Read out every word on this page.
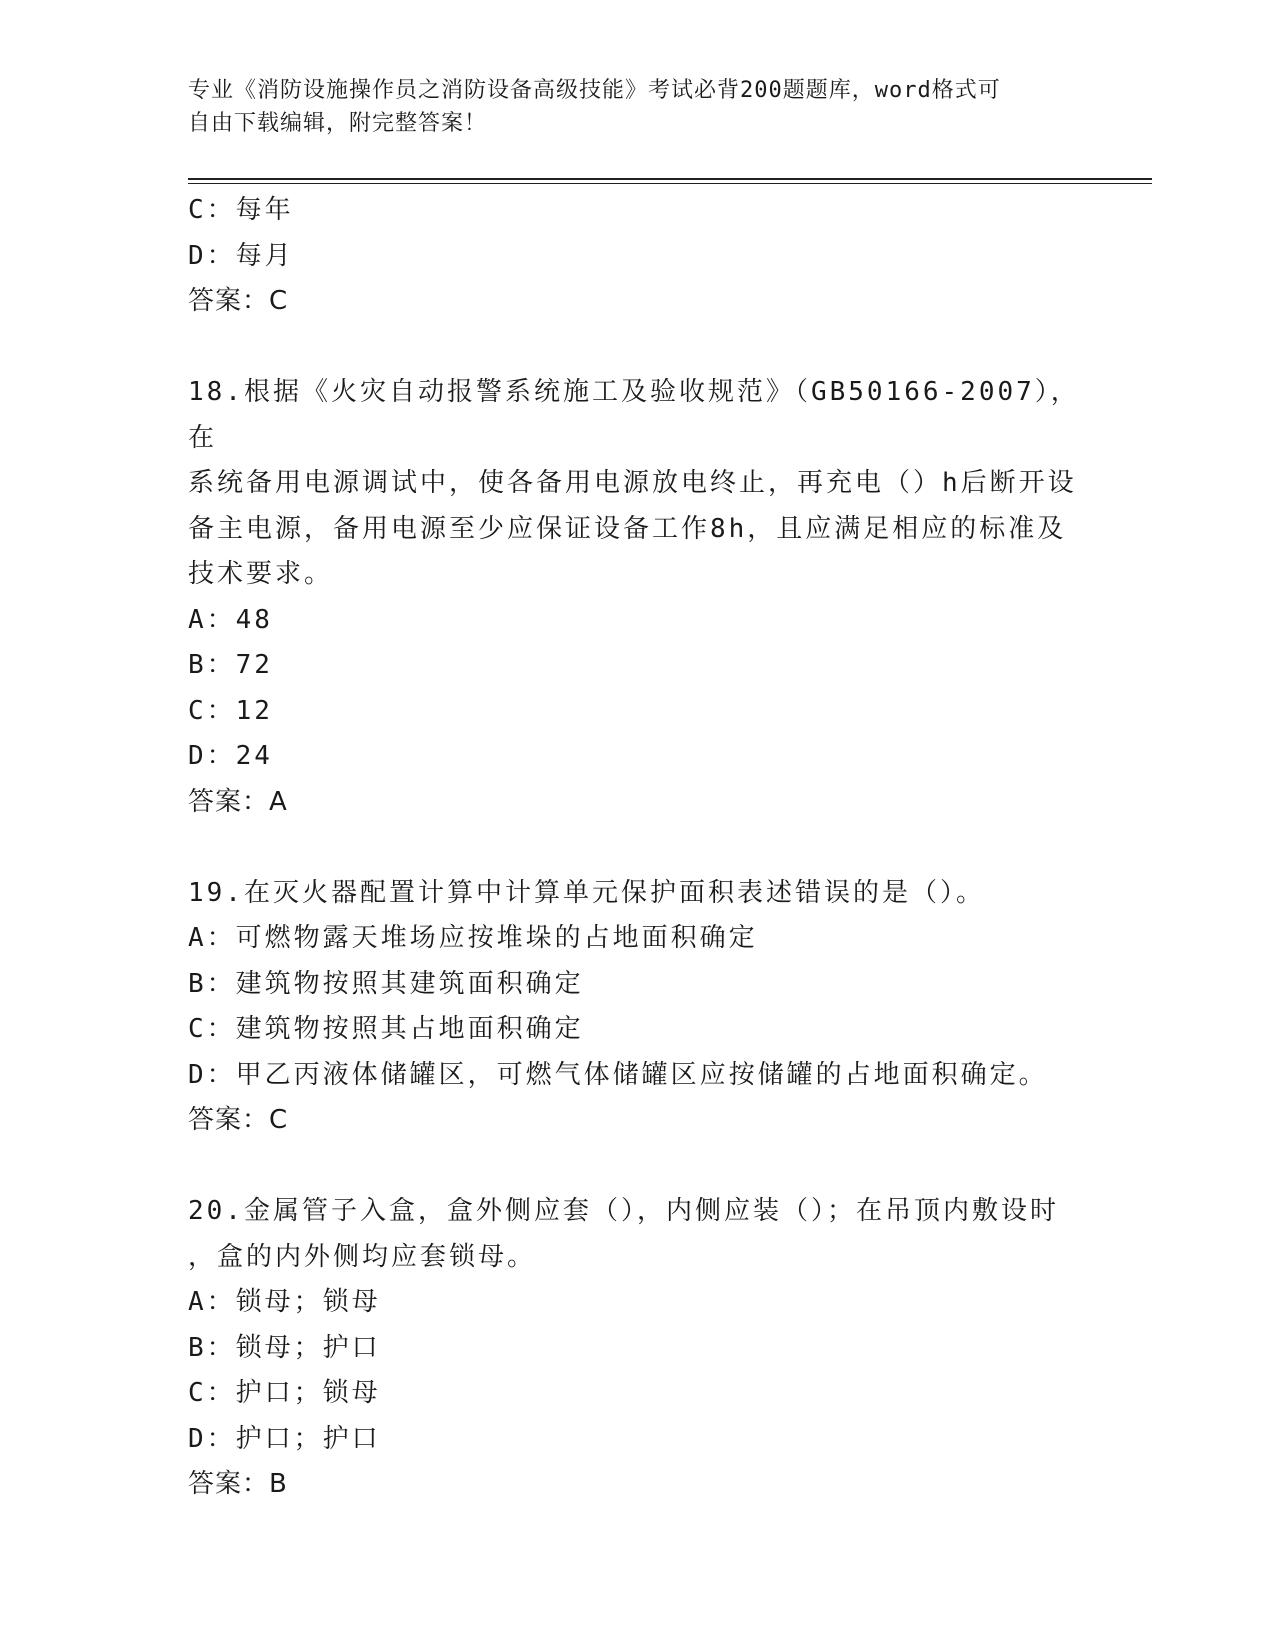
专业《消防设施操作员之消防设备高级技能》考试必背200题题库，word格式可
自由下载编辑，附完整答案！
C：每年
D：每月
答案：C
18.根据《火灾自动报警系统施工及验收规范》（GB50166-2007），在
系统备用电源调试中，使各备用电源放电终止，再充电（）h后断开设
备主电源，备用电源至少应保证设备工作8h，且应满足相应的标准及
技术要求。
A：48
B：72
C：12
D：24
答案：A
19.在灭火器配置计算中计算单元保护面积表述错误的是（）。
A：可燃物露天堆场应按堆垛的占地面积确定
B：建筑物按照其建筑面积确定
C：建筑物按照其占地面积确定
D：甲乙丙液体储罐区，可燃气体储罐区应按储罐的占地面积确定。
答案：C
20.金属管子入盒，盒外侧应套（），内侧应装（）；在吊顶内敷设时
，盒的内外侧均应套锁母。
A：锁母；锁母
B：锁母；护口
C：护口；锁母
D：护口；护口
答案：B
